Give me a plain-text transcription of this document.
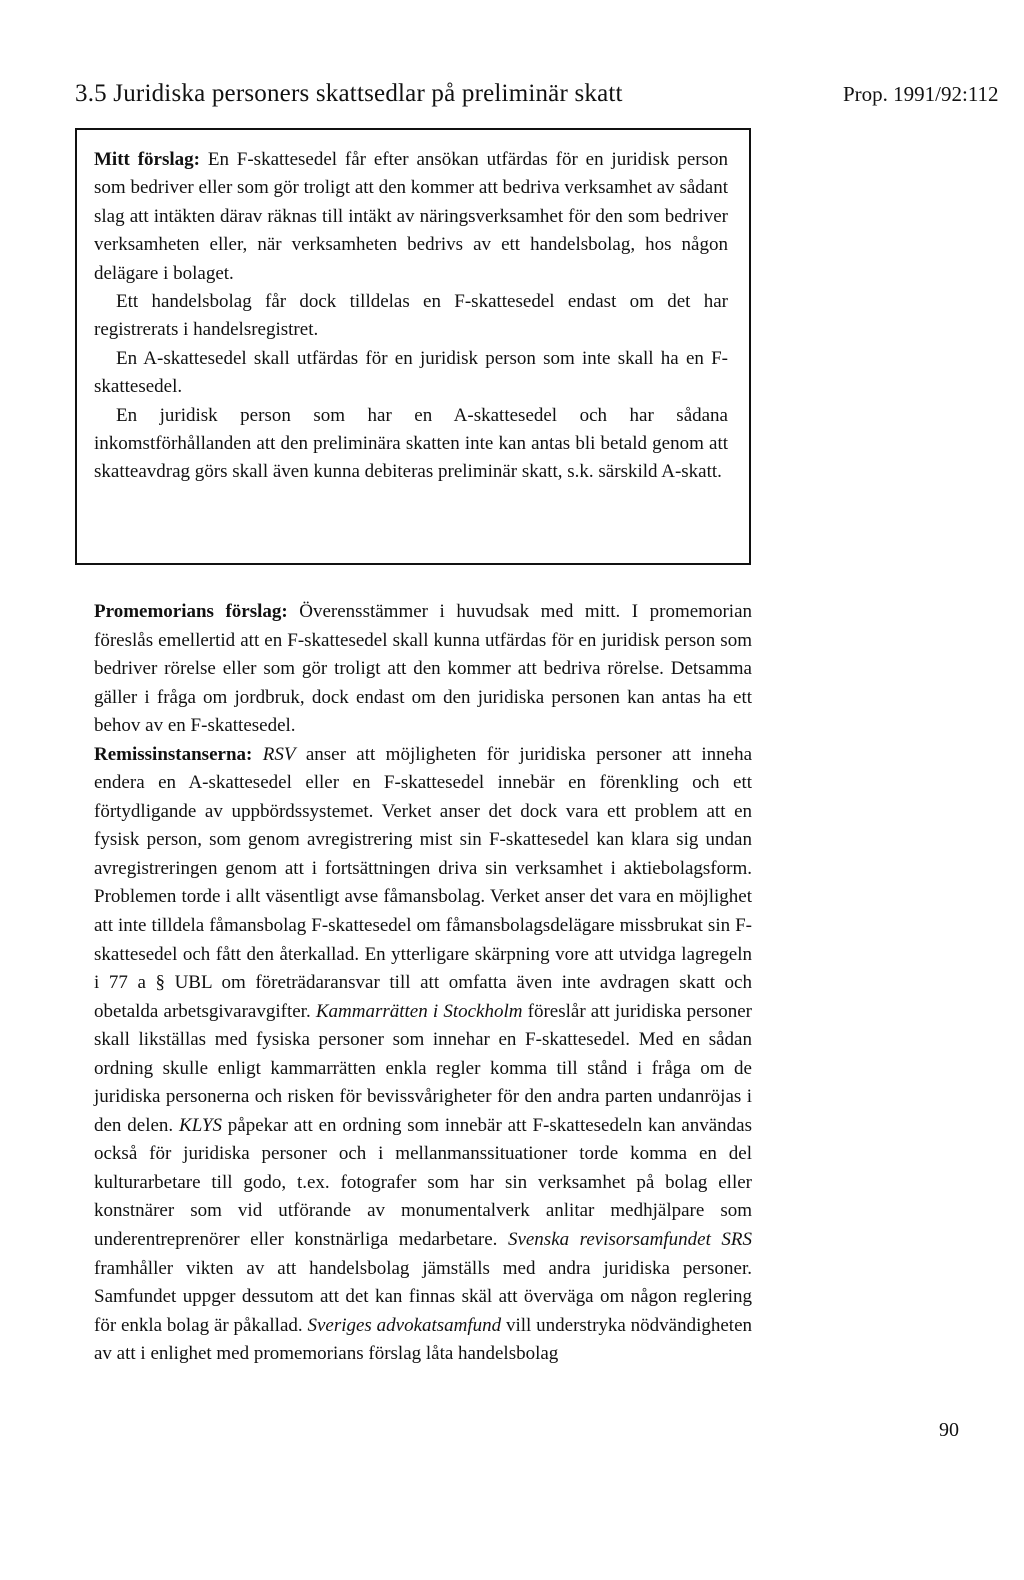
3.5 Juridiska personers skattsedlar på preliminär skatt	Prop. 1991/92:112

Mitt förslag: En F-skattesedel får efter ansökan utfärdas för en juridisk person som bedriver eller som gör troligt att den kommer att bedriva verksamhet av sådant slag att intäkten därav räknas till intäkt av näringsverksamhet för den som bedriver verksamheten eller, när verksamheten bedrivs av ett handelsbolag, hos någon delägare i bolaget.

Ett handelsbolag får dock tilldelas en F-skattesedel endast om det har registrerats i handelsregistret.

En A-skattesedel skall utfärdas för en juridisk person som inte skall ha en F-skattesedel.

En juridisk person som har en A-skattesedel och har sådana inkomstförhållanden att den preliminära skatten inte kan antas bli betald genom att skatteavdrag görs skall även kunna debiteras preliminär skatt, s.k. särskild A-skatt.

Promemorians förslag: Överensstämmer i huvudsak med mitt. I promemorian föreslås emellertid att en F-skattesedel skall kunna utfärdas för en juridisk person som bedriver rörelse eller som gör troligt att den kommer att bedriva rörelse. Detsamma gäller i fråga om jordbruk, dock endast om den juridiska personen kan antas ha ett behov av en F-skattesedel.

Remissinstanserna: RSV anser att möjligheten för juridiska personer att inneha endera en A-skattesedel eller en F-skattesedel innebär en förenkling och ett förtydligande av uppbördssystemet. Verket anser det dock vara ett problem att en fysisk person, som genom avregistrering mist sin F-skattesedel kan klara sig undan avregistreringen genom att i fortsättningen driva sin verksamhet i aktiebolagsform. Problemen torde i allt väsentligt avse fåmansbolag. Verket anser det vara en möjlighet att inte tilldela fåmansbolag F-skattesedel om fåmansbolagsdelägare missbrukat sin F-skattesedel och fått den återkallad. En ytterligare skärpning vore att utvidga lagregeln i 77 a § UBL om företrädaransvar till att omfatta även inte avdragen skatt och obetalda arbetsgivaravgifter. Kammarrätten i Stockholm föreslår att juridiska personer skall likställas med fysiska personer som innehar en F-skattesedel. Med en sådan ordning skulle enligt kammarrätten enkla regler komma till stånd i fråga om de juridiska personerna och risken för bevissvårigheter för den andra parten undanröjas i den delen. KLYS påpekar att en ordning som innebär att F-skattesedeln kan användas också för juridiska personer och i mellanmanssituationer torde komma en del kulturarbetare till godo, t.ex. fotografer som har sin verksamhet på bolag eller konstnärer som vid utförande av monumentalverk anlitar medhjälpare som underentreprenörer eller konstnärliga medarbetare. Svenska revisorsamfundet SRS framhåller vikten av att handelsbolag jämställs med andra juridiska personer. Samfundet uppger dessutom att det kan finnas skäl att överväga om någon reglering för enkla bolag är påkallad. Sveriges advokatsamfund vill understryka nödvändigheten av att i enlighet med promemorians förslag låta handelsbolag

90
